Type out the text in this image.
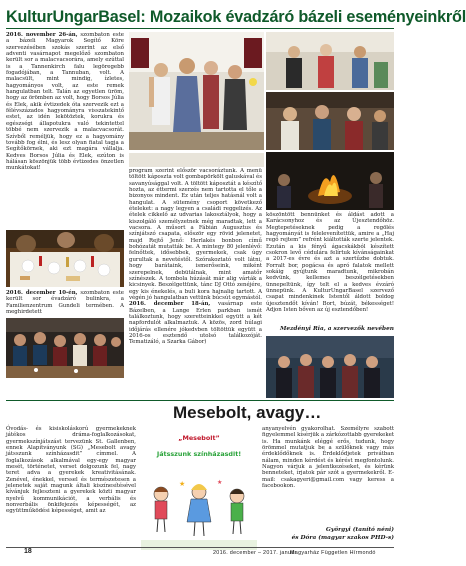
KulturUngarBasel: Mozaikok évadzáró bázeli eseményeinkről
2016. november 26-án, szombaton este a bázeli Magyarok Segítő Köre szervezésében szokás szerint az első adventi vasárnapot megelőző szombaton került sor a malacvacsorára, amely ezúttal is a Tannenkirch falu legöregebb fogadójában, a Tannuban, volt. A malacsült, mint mindig, ízletes, hagyományos volt, az este remek hangulatban telt. Talán az egyetlen üröm, hogy az örömben az volt, hogy Borsos Júlia és Elek, akik évtizedek óta szervezik ezt a félévszázados hagyományra visszatekintő estet, az idén lekötöztek, korukra és egészségi állapotukra való tekintettel többé nem szervezik a malacvacsorát. Szívből reméljük, hogy ez a hagyomány tovább fog élni, és lesz olyan fiatal tagja a Segítőkörnek, aki ezt magára vállalja. Kedves Borsos Júlia és Elek, ezúton is hálásan köszönjük több évtizedes önzetlen munkátokat!
2016. december 10-én, szombaton este került sor évadzáró bulinkra, a Familienzentrum Gundeli termében. A meghirdetett
program szerint először vacsoráztunk. A menü töltött káposzta volt gombapörkölt galuskával és savanyúsággal volt. A töltött káposztát a készítő hozta, az éttermi szerzés nem tartotta el tőle a bizonyos mindent. Ez után teljes hatásnál volt a hangulat. A sütemény csoport következő ételeket: a nagy legyen a családi reggelizés. Az ételek cikkelő az udvarias lakosztályok, hogy a kiszolgáló személyzetnek még maradtak, lett a vacsora. A műsort a Fábián Augusztus és színjátszó csapata, először egy rövid jelenetet, majd Rejtő Jenő: Herlakés bonbon című bohózatát mutatták be. A mintegy 80 jelenlévő: felnőttek, idősebbek, gyermekek, csak úgy gurultak a nevetéstől. Szórakoztató volt látni, hogy barátaink, ismerőseink, miként szerepelnek, debütálnak, mint amatőr színészek. A tombola húzását már alig várták a kicsinyek. Beszélgettünk, tánc DJ Ottó zenéjére, egy kis énekelés, a buli kora hajnalig tartott. A végén jó hangulatban vettünk búcsút egymástól.
2016. december 18-án, vasárnap este Bázelben, a Lange Erlen parkban ismét találkoztunk, hogy szeretteinkkel együtt a két napfordulót alkalmaztuk. A közös, zord húlagi időjárás ellenére jókedvben töltöttük együtt a 2016-os esztendő utolsó találkozóját. Tematizáló, a Szarka Gábor)
köszöntött bennünket és áldást adott a Karácsonyhoz és az Újesztendőhöz. Megtepetéseknek pedig a regölés hagyományát is felelevenítettük, amire a „Haj regő rejtem” refrént kiáltották szerte jelentek. Ezután a kis fényű ágacskákból készített csokron levő cédulára felírtuk kívánságainkat a 2017-es évre és azt a szertűzbe dobtuk. Forralt bor, pogácsa és apró falatok mellett sokáig gyújtunk maradtunk, mikrobán kedvünk, kellemes beszélgetésekben ünnepeltünk, így telt el a kedves évzáró ünnepünk. A KulturUngarBasel szervező csapat mindenkinek Istentől áldott boldog újesztendőt kíván! Bort, búzát, békességet! Adjon Isten bőven az új esztendőben!
Mezdényi Ria, a szervezők nevében
Mesebolt, avagy…
Óvodás- és kisiskoláskorú gyermekeknek játékos dráma-foglalkozásokat, gyermekszínjátszást tervezünk St. Gallenben, ennek Alapítványunk (SG) „Mesebolt avagy játsszunk színházasdit” címmel. A foglalkozások alkalmával egy-egy magyar mesét, történetet, verset dolgozunk fel, nagy teret adva a gyerekek kreativitásának. Zenével, énekkel, verssel és természetesen a jelenetek saját magunk általi kiszínesítésével kívánjuk fejleszteni a gyerekek közti magyar nyelvű kommunikációt, a verbális és nonverbális önkifejezés képességét, az együttműködési képességet, amit az
„Mesebolt”
Játsszunk színházasdit!
★	★
anyanyelvén gyakorolhat. Személyre szabott figyelemmel kísérjük a zárkózottabb gyerekeket is. Ha munkánk eléggé erős, tudunk, hogy örömmel mutatjuk be a szülőknek vagy más érdeklődőknek is. Érdeklődjetek privátban nálam, minden kérdést és kérést megfontolunk. Nagyon várjuk a jelentkezéseket, és kérünk benneteket, írjatok pár szót a gyermekekről. E-mail: csakagyeri@gmail.com vagy keress a facebookon.
Györgyi (tanító néni)
és Dóra (magyar szakos PHD-s)
18	2016. december – 2017. január
Magyarház Független Hírmondó
